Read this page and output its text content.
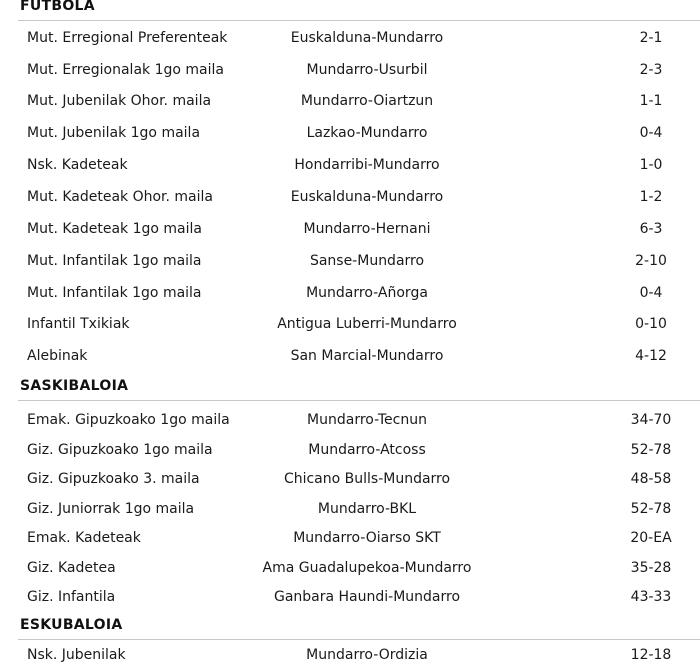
FUTBOLA
Mut. Erregional Preferenteak	Euskalduna-Mundarro	2-1
Mut. Erregionalak 1go maila	Mundarro-Usurbil	2-3
Mut. Jubenilak Ohor. maila	Mundarro-Oiartzun	1-1
Mut. Jubenilak 1go maila	Lazkao-Mundarro	0-4
Nsk. Kadeteak	Hondarribi-Mundarro	1-0
Mut. Kadeteak Ohor. maila	Euskalduna-Mundarro	1-2
Mut. Kadeteak 1go maila	Mundarro-Hernani	6-3
Mut. Infantilak 1go maila	Sanse-Mundarro	2-10
Mut. Infantilak 1go maila	Mundarro-Añorga	0-4
Infantil Txikiak	Antigua Luberri-Mundarro	0-10
Alebinak	San Marcial-Mundarro	4-12
SASKIBALOIA
Emak. Gipuzkoako 1go maila	Mundarro-Tecnun	34-70
Giz. Gipuzkoako 1go maila	Mundarro-Atcoss	52-78
Giz. Gipuzkoako 3. maila	Chicano Bulls-Mundarro	48-58
Giz. Juniorrak 1go maila	Mundarro-BKL	52-78
Emak. Kadeteak	Mundarro-Oiarso SKT	20-EA
Giz. Kadetea	Ama Guadalupekoa-Mundarro	35-28
Giz. Infantila	Ganbara Haundi-Mundarro	43-33
ESKUBALOIA
Nsk. Jubenilak	Mundarro-Ordizia	12-18
